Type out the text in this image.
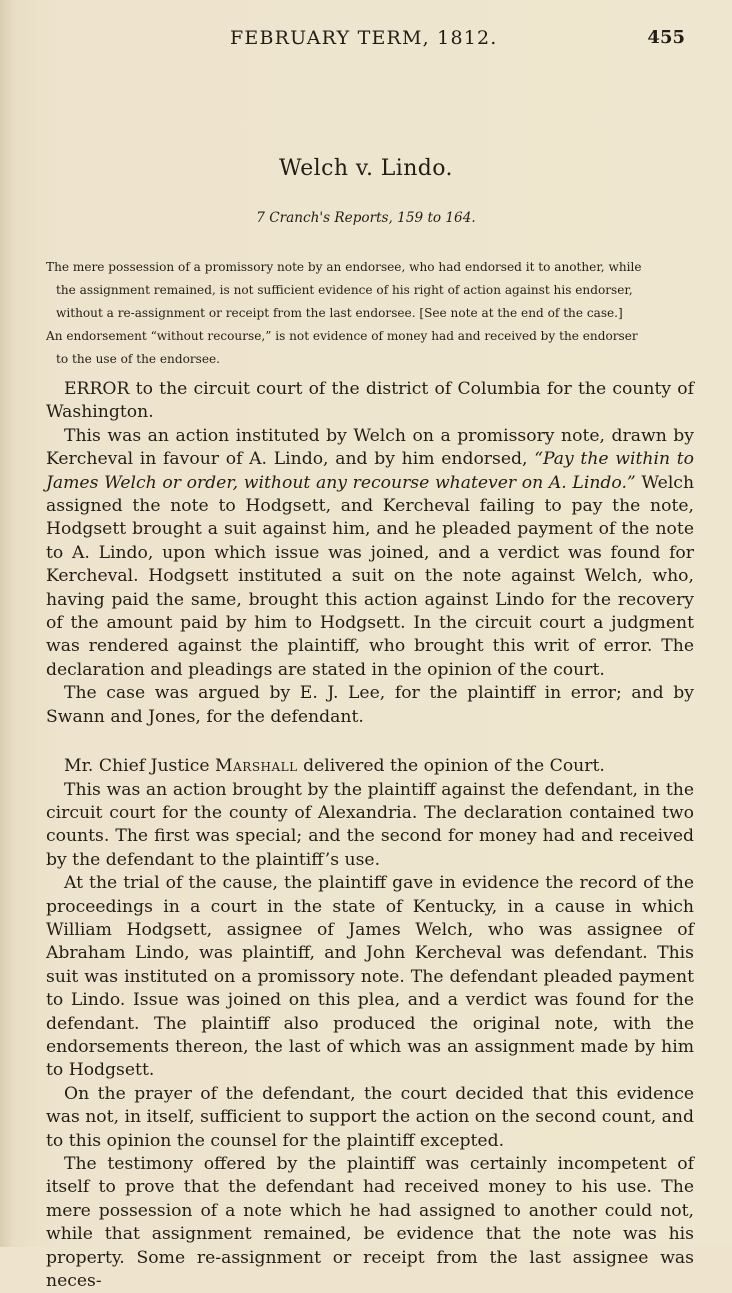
FEBRUARY TERM, 1812.	455
Welch v. Lindo.
7 Cranch's Reports, 159 to 164.
The mere possession of a promissory note by an endorsee, who had endorsed it to another, while
the assignment remained, is not sufficient evidence of his right of action against his endorser,
without a re-assignment or receipt from the last endorsee. [See note at the end of the case.]
An endorsement “without recourse,” is not evidence of money had and received by the endorser
to the use of the endorsee.

ERROR to the circuit court of the district of Columbia for the county of Washington.

This was an action instituted by Welch on a promissory note, drawn by Kercheval in favour of A. Lindo, and by him endorsed, “Pay the within to James Welch or order, without any recourse whatever on A. Lindo.” Welch assigned the note to Hodgsett, and Kercheval failing to pay the note, Hodgsett brought a suit against him, and he pleaded payment of the note to A. Lindo, upon which issue was joined, and a verdict was found for Kercheval. Hodgsett instituted a suit on the note against Welch, who, having paid the same, brought this action against Lindo for the recovery of the amount paid by him to Hodgsett. In the circuit court a judgment was rendered against the plaintiff, who brought this writ of error. The declaration and pleadings are stated in the opinion of the court.

The case was argued by E. J. Lee, for the plaintiff in error; and by Swann and Jones, for the defendant.

Mr. Chief Justice Marshall delivered the opinion of the Court.

This was an action brought by the plaintiff against the defendant, in the circuit court for the county of Alexandria. The declaration contained two counts. The first was special; and the second for money had and received by the defendant to the plaintiff’s use.

At the trial of the cause, the plaintiff gave in evidence the record of the proceedings in a court in the state of Kentucky, in a cause in which William Hodgsett, assignee of James Welch, who was assignee of Abraham Lindo, was plaintiff, and John Kercheval was defendant. This suit was instituted on a promissory note. The defendant pleaded payment to Lindo. Issue was joined on this plea, and a verdict was found for the defendant. The plaintiff also produced the original note, with the endorsements thereon, the last of which was an assignment made by him to Hodgsett.

On the prayer of the defendant, the court decided that this evidence was not, in itself, sufficient to support the action on the second count, and to this opinion the counsel for the plaintiff excepted.

The testimony offered by the plaintiff was certainly incompetent of itself to prove that the defendant had received money to his use. The mere possession of a note which he had assigned to another could not, while that assignment remained, be evidence that the note was his property. Some re-assignment or receipt from the last assignee was neces-
